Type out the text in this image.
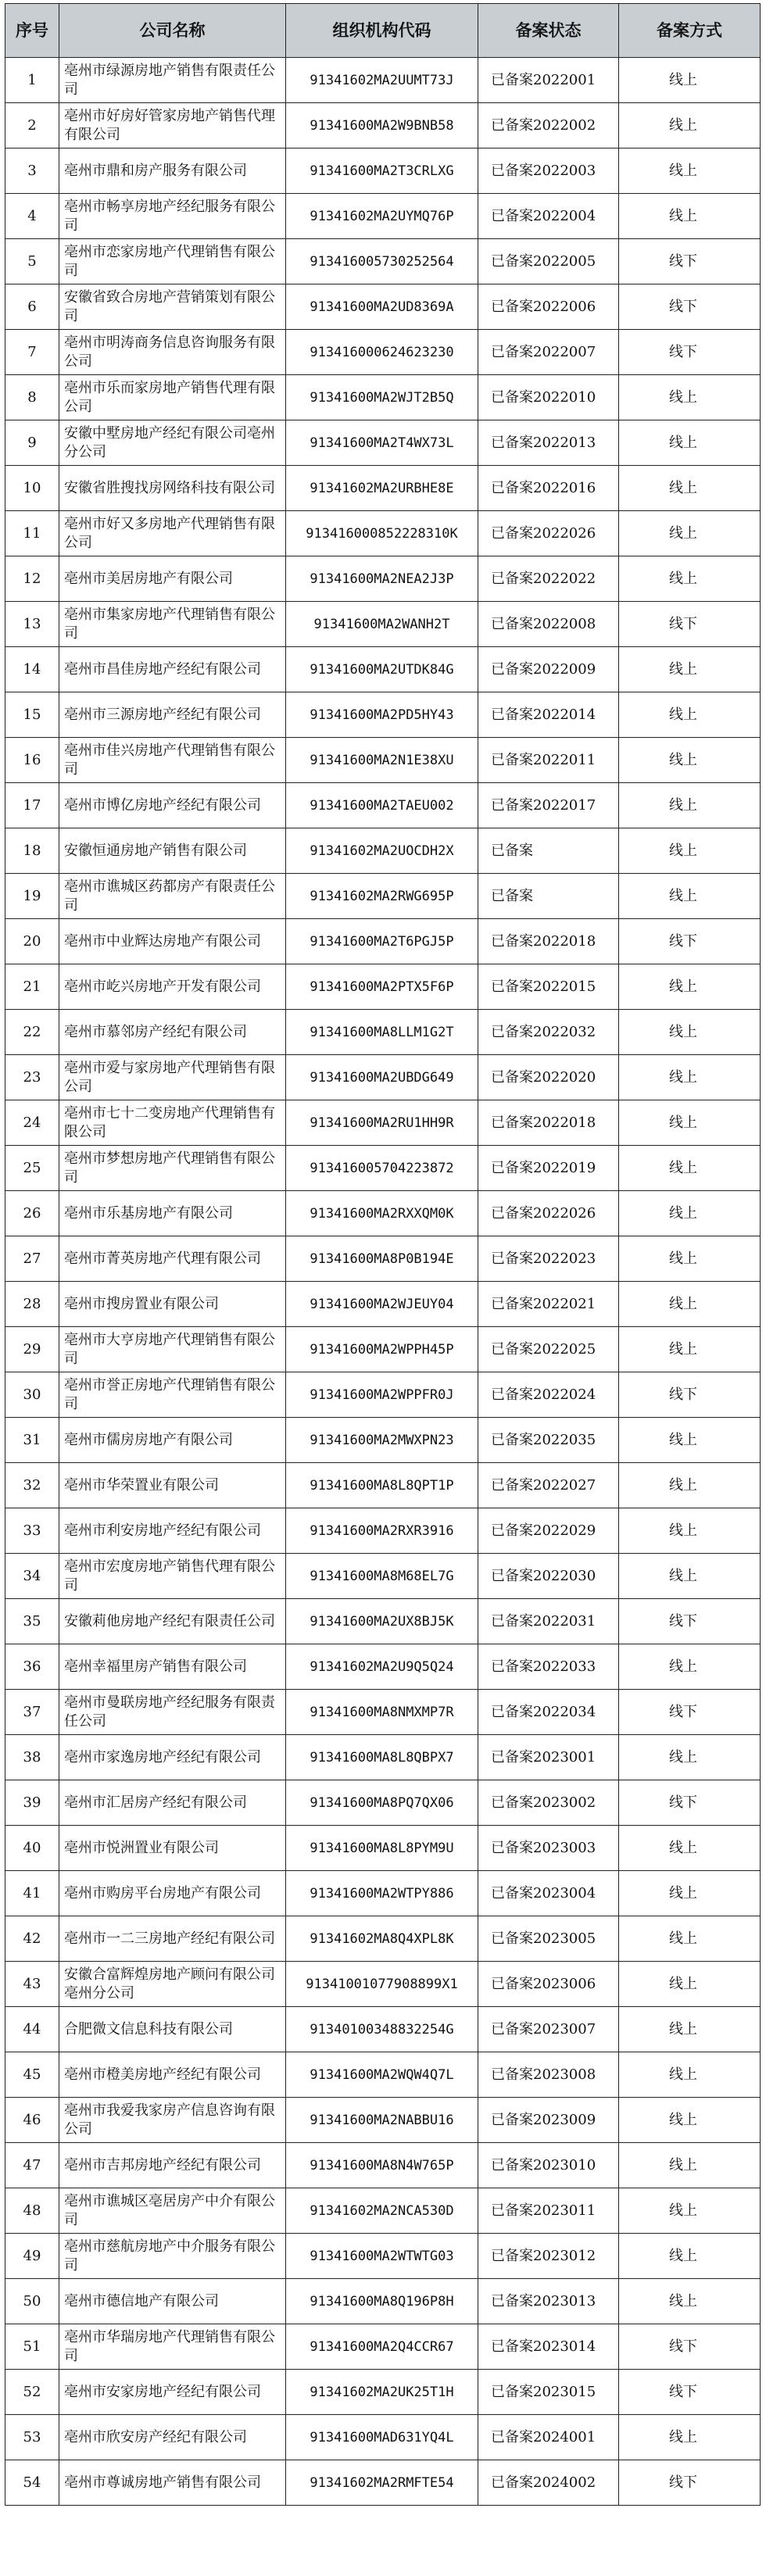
序号	公司名称	组织机构代码	备案状态	备案方式
1	亳州市绿源房地产销售有限责任公司	91341602MA2UUMT73J	已备案2022001	线上
2	亳州市好房好管家房地产销售代理有限公司	91341600MA2W9BNB58	已备案2022002	线上
3	亳州市鼎和房产服务有限公司	91341600MA2T3CRLXG	已备案2022003	线上
4	亳州市畅享房地产经纪服务有限公司	91341602MA2UYMQ76P	已备案2022004	线上
5	亳州市恋家房地产代理销售有限公司	913416005730252564	已备案2022005	线下
6	安徽省致合房地产营销策划有限公司	91341600MA2UD8369A	已备案2022006	线下
7	亳州市明涛商务信息咨询服务有限公司	913416000624623230	已备案2022007	线下
8	亳州市乐而家房地产销售代理有限公司	91341600MA2WJT2B5Q	已备案2022010	线上
9	安徽中墅房地产经纪有限公司亳州分公司	91341600MA2T4WX73L	已备案2022013	线上
10	安徽省胜搜找房网络科技有限公司	91341602MA2URBHE8E	已备案2022016	线上
11	亳州市好又多房地产代理销售有限公司	913416000852228310K	已备案2022026	线上
12	亳州市美居房地产有限公司	91341600MA2NEA2J3P	已备案2022022	线上
13	亳州市集家房地产代理销售有限公司	91341600MA2WANH2T	已备案2022008	线下
14	亳州市昌佳房地产经纪有限公司	91341600MA2UTDK84G	已备案2022009	线上
15	亳州市三源房地产经纪有限公司	91341600MA2PD5HY43	已备案2022014	线上
16	亳州市佳兴房地产代理销售有限公司	91341600MA2N1E38XU	已备案2022011	线上
17	亳州市博亿房地产经纪有限公司	91341600MA2TAEU002	已备案2022017	线上
18	安徽恒通房地产销售有限公司	91341602MA2UOCDH2X	已备案	线上
19	亳州市谯城区药都房产有限责任公司	91341602MA2RWG695P	已备案	线上
20	亳州市中业辉达房地产有限公司	91341600MA2T6PGJ5P	已备案2022018	线下
21	亳州市屹兴房地产开发有限公司	91341600MA2PTX5F6P	已备案2022015	线上
22	亳州市慕邻房产经纪有限公司	91341600MA8LLM1G2T	已备案2022032	线上
23	亳州市爱与家房地产代理销售有限公司	91341600MA2UBDG649	已备案2022020	线上
24	亳州市七十二变房地产代理销售有限公司	91341600MA2RU1HH9R	已备案2022018	线上
25	亳州市梦想房地产代理销售有限公司	913416005704223872	已备案2022019	线上
26	亳州市乐基房地产有限公司	91341600MA2RXXQM0K	已备案2022026	线上
27	亳州市菁英房地产代理有限公司	91341600MA8P0B194E	已备案2022023	线上
28	亳州市搜房置业有限公司	91341600MA2WJEUY04	已备案2022021	线上
29	亳州市大亨房地产代理销售有限公司	91341600MA2WPPH45P	已备案2022025	线上
30	亳州市誉正房地产代理销售有限公司	91341600MA2WPPFR0J	已备案2022024	线下
31	亳州市儒房房地产有限公司	91341600MA2MWXPN23	已备案2022035	线上
32	亳州市华荣置业有限公司	91341600MA8L8QPT1P	已备案2022027	线上
33	亳州市利安房地产经纪有限公司	91341600MA2RXR3916	已备案2022029	线上
34	亳州市宏度房地产销售代理有限公司	91341600MA8M68EL7G	已备案2022030	线上
35	安徽莉他房地产经纪有限责任公司	91341600MA2UX8BJ5K	已备案2022031	线下
36	亳州幸福里房产销售有限公司	91341602MA2U9Q5Q24	已备案2022033	线上
37	亳州市曼联房地产经纪服务有限责任公司	91341600MA8NMXMP7R	已备案2022034	线下
38	亳州市家逸房地产经纪有限公司	91341600MA8L8QBPX7	已备案2023001	线上
39	亳州市汇居房产经纪有限公司	91341600MA8PQ7QX06	已备案2023002	线下
40	亳州市悦洲置业有限公司	91341600MA8L8PYM9U	已备案2023003	线上
41	亳州市购房平台房地产有限公司	91341600MA2WTPY886	已备案2023004	线上
42	亳州市一二三房地产经纪有限公司	91341602MA8Q4XPL8K	已备案2023005	线上
43	安徽合富辉煌房地产顾问有限公司亳州分公司	91341001077908899X1	已备案2023006	线上
44	合肥微文信息科技有限公司	91340100348832254G	已备案2023007	线上
45	亳州市橙美房地产经纪有限公司	91341600MA2WQW4Q7L	已备案2023008	线上
46	亳州市我爱我家房产信息咨询有限公司	91341600MA2NABBU16	已备案2023009	线上
47	亳州市吉邦房地产经纪有限公司	91341600MA8N4W765P	已备案2023010	线上
48	亳州市谯城区亳居房产中介有限公司	91341602MA2NCA530D	已备案2023011	线上
49	亳州市慈航房地产中介服务有限公司	91341600MA2WTWTG03	已备案2023012	线上
50	亳州市德信地产有限公司	91341600MA8Q196P8H	已备案2023013	线上
51	亳州市华瑞房地产代理销售有限公司	91341600MA2Q4CCR67	已备案2023014	线下
52	亳州市安家房地产经纪有限公司	91341602MA2UK25T1H	已备案2023015	线下
53	亳州市欣安房产经纪有限公司	91341600MAD631YQ4L	已备案2024001	线上
54	亳州市尊诚房地产销售有限公司	91341602MA2RMFTE54	已备案2024002	线下
